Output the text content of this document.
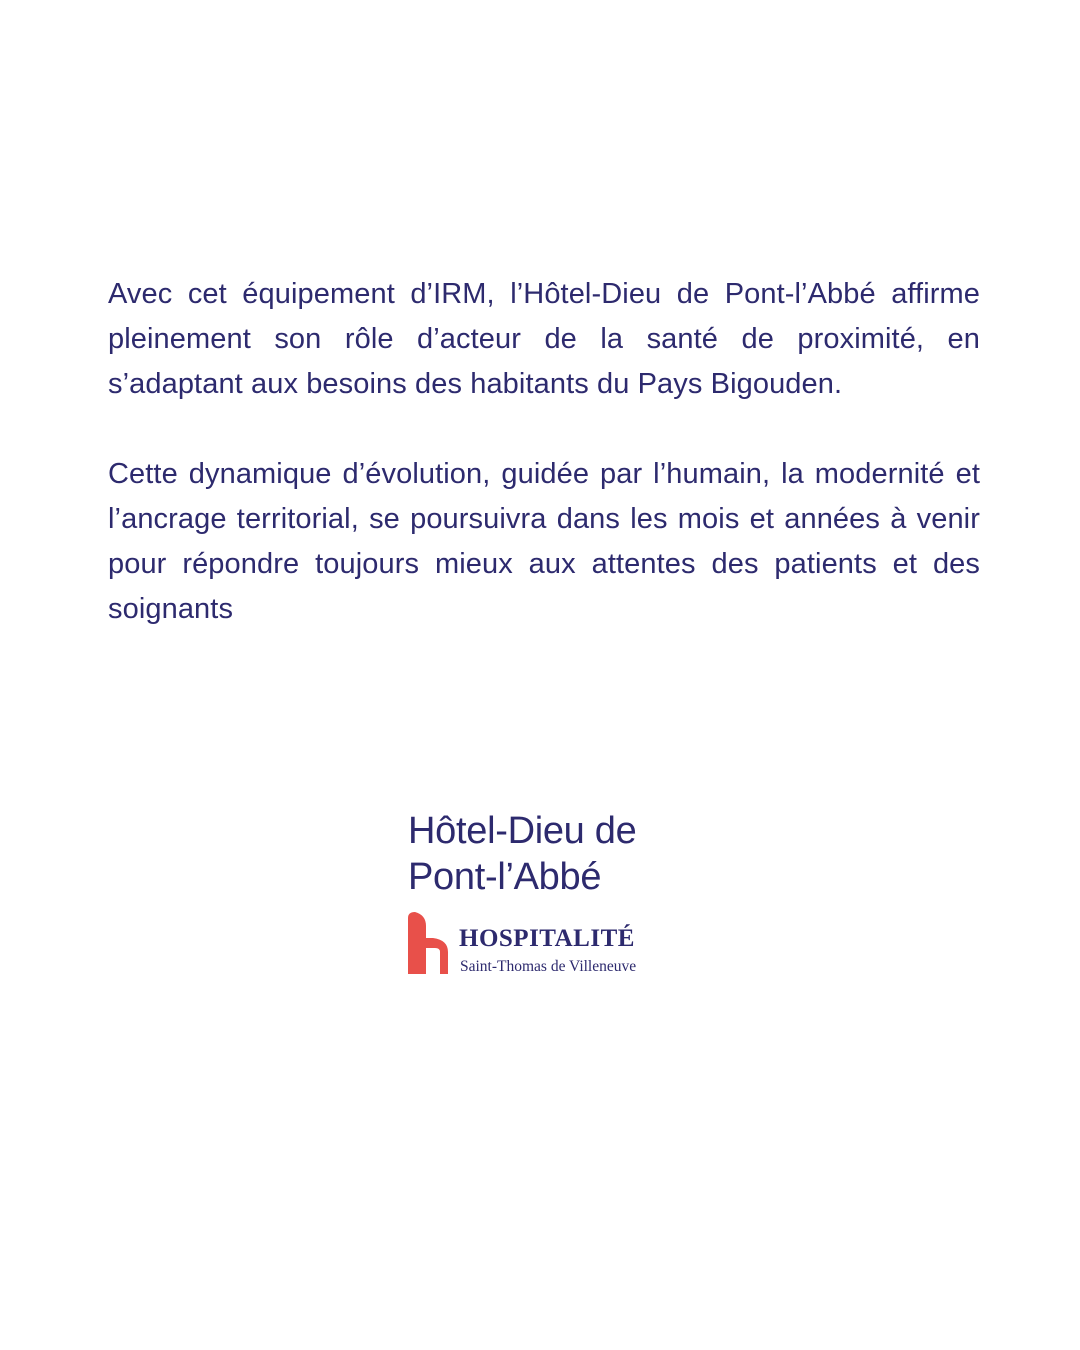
Avec cet équipement d’IRM, l’Hôtel-Dieu de Pont-l’Abbé affirme pleinement son rôle d’acteur de la santé de proximité, en s’adaptant aux besoins des habitants du Pays Bigouden.

Cette dynamique d’évolution, guidée par l’humain, la modernité et l’ancrage territorial, se poursuivra dans les mois et années à venir pour répondre toujours mieux aux attentes des patients et des soignants

Hôtel-Dieu de
Pont-l’Abbé
HOSPITALITÉ
Saint-Thomas de Villeneuve
